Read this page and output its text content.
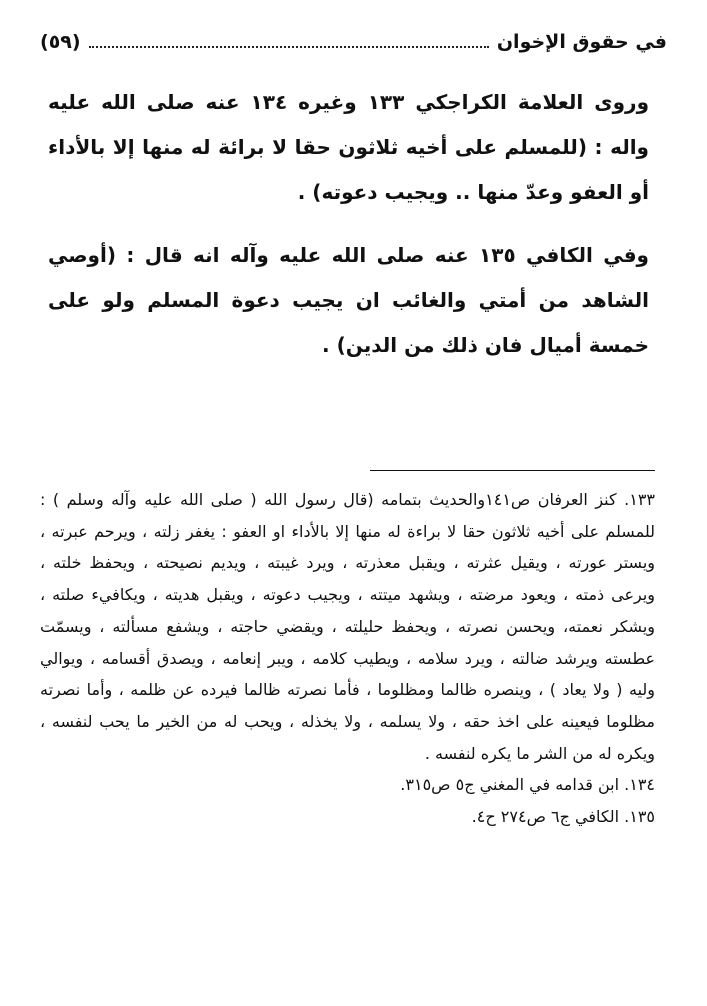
في حقوق الإخوان
(٥٩)

وروى العلامة الكراجكي ١٣٣ وغيره ١٣٤ عنه صلى الله عليه واله : (للمسلم على أخيه ثلاثون حقا لا برائة له منها إلا بالأداء أو العفو وعدّ منها .. ويجيب دعوته) .

وفي الكافي ١٣٥ عنه صلى الله عليه وآله انه قال : (أوصي الشاهد من أمتي والغائب ان يجيب دعوة المسلم ولو على خمسة أميال فان ذلك من الدين) .

١٣٣. كنز العرفان ص١٤١والحديث بتمامه (قال رسول الله ( صلى الله عليه وآله وسلم ) : للمسلم على أخيه ثلاثون حقا لا براءة له منها إلا بالأداء او العفو : يغفر زلته ، ويرحم عبرته ، ويستر عورته ، ويقيل عثرته ، ويقبل معذرته ، ويرد غيبته ، ويديم نصيحته ، ويحفظ خلته ، ويرعى ذمته ، ويعود مرضته ، ويشهد ميتته ، ويجيب دعوته ، ويقبل هديته ، ويكافيء صلته ، ويشكر نعمته، ويحسن نصرته ، ويحفظ حليلته ، ويقضي حاجته ، ويشفع مسألته ، ويسمّت عطسته ويرشد ضالته ، ويرد سلامه ، ويطيب كلامه ، ويبر إنعامه ، ويصدق أقسامه ، ويوالي وليه ( ولا يعاد ) ، وينصره ظالما ومظلوما ، فأما نصرته ظالما فيرده عن ظلمه ، وأما نصرته مظلوما فيعينه على اخذ حقه ، ولا يسلمه ، ولا يخذله ، ويحب له من الخير ما يحب لنفسه ، ويكره له من الشر ما يكره لنفسه .

١٣٤. ابن قدامه في المغني ج٥ ص٣١٥.

١٣٥. الكافي ج٦ ص٢٧٤ ح٤.
